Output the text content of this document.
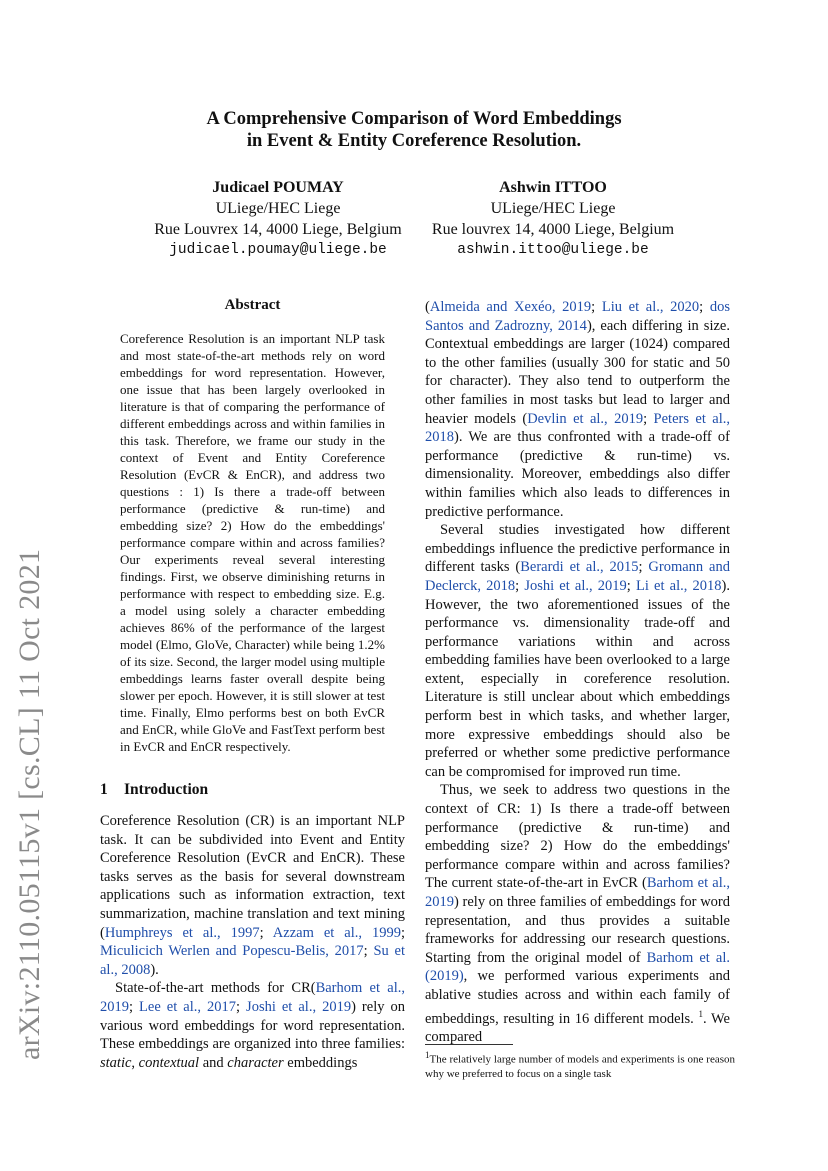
arXiv:2110.05115v1 [cs.CL] 11 Oct 2021
A Comprehensive Comparison of Word Embeddings
in Event & Entity Coreference Resolution.
Judicael POUMAY
ULiege/HEC Liege
Rue Louvrex 14, 4000 Liege, Belgium
judicael.poumay@uliege.be
Ashwin ITTOO
ULiege/HEC Liege
Rue louvrex 14, 4000 Liege, Belgium
ashwin.ittoo@uliege.be
Abstract
Coreference Resolution is an important NLP task and most state-of-the-art methods rely on word embeddings for word representation. However, one issue that has been largely overlooked in literature is that of comparing the performance of different embeddings across and within families in this task. Therefore, we frame our study in the context of Event and Entity Coreference Resolution (EvCR & EnCR), and address two questions : 1) Is there a trade-off between performance (predictive & run-time) and embedding size? 2) How do the embeddings' performance compare within and across families? Our experiments reveal several interesting findings. First, we observe diminishing returns in performance with respect to embedding size. E.g. a model using solely a character embedding achieves 86% of the performance of the largest model (Elmo, GloVe, Character) while being 1.2% of its size. Second, the larger model using multiple embeddings learns faster overall despite being slower per epoch. However, it is still slower at test time. Finally, Elmo performs best on both EvCR and EnCR, while GloVe and FastText perform best in EvCR and EnCR respectively.
1 Introduction

Coreference Resolution (CR) is an important NLP task. It can be subdivided into Event and Entity Coreference Resolution (EvCR and EnCR). These tasks serves as the basis for several downstream applications such as information extraction, text summarization, machine translation and text mining (Humphreys et al., 1997; Azzam et al., 1999; Miculicich Werlen and Popescu-Belis, 2017; Su et al., 2008).

State-of-the-art methods for CR(Barhom et al., 2019; Lee et al., 2017; Joshi et al., 2019) rely on various word embeddings for word representation. These embeddings are organized into three families: static, contextual and character embeddings

(Almeida and Xexéo, 2019; Liu et al., 2020; dos Santos and Zadrozny, 2014), each differing in size. Contextual embeddings are larger (1024) compared to the other families (usually 300 for static and 50 for character). They also tend to outperform the other families in most tasks but lead to larger and heavier models (Devlin et al., 2019; Peters et al., 2018). We are thus confronted with a trade-off of performance (predictive & run-time) vs. dimensionality. Moreover, embeddings also differ within families which also leads to differences in predictive performance.

Several studies investigated how different embeddings influence the predictive performance in different tasks (Berardi et al., 2015; Gromann and Declerck, 2018; Joshi et al., 2019; Li et al., 2018). However, the two aforementioned issues of the performance vs. dimensionality trade-off and performance variations within and across embedding families have been overlooked to a large extent, especially in coreference resolution. Literature is still unclear about which embeddings perform best in which tasks, and whether larger, more expressive embeddings should also be preferred or whether some predictive performance can be compromised for improved run time.

Thus, we seek to address two questions in the context of CR: 1) Is there a trade-off between performance (predictive & run-time) and embedding size? 2) How do the embeddings' performance compare within and across families? The current state-of-the-art in EvCR (Barhom et al., 2019) rely on three families of embeddings for word representation, and thus provides a suitable frameworks for addressing our research questions. Starting from the original model of Barhom et al. (2019), we performed various experiments and ablative studies across and within each family of embeddings, resulting in 16 different models. $^1$. We compared

$^1$The relatively large number of models and experiments is one reason why we preferred to focus on a single task
